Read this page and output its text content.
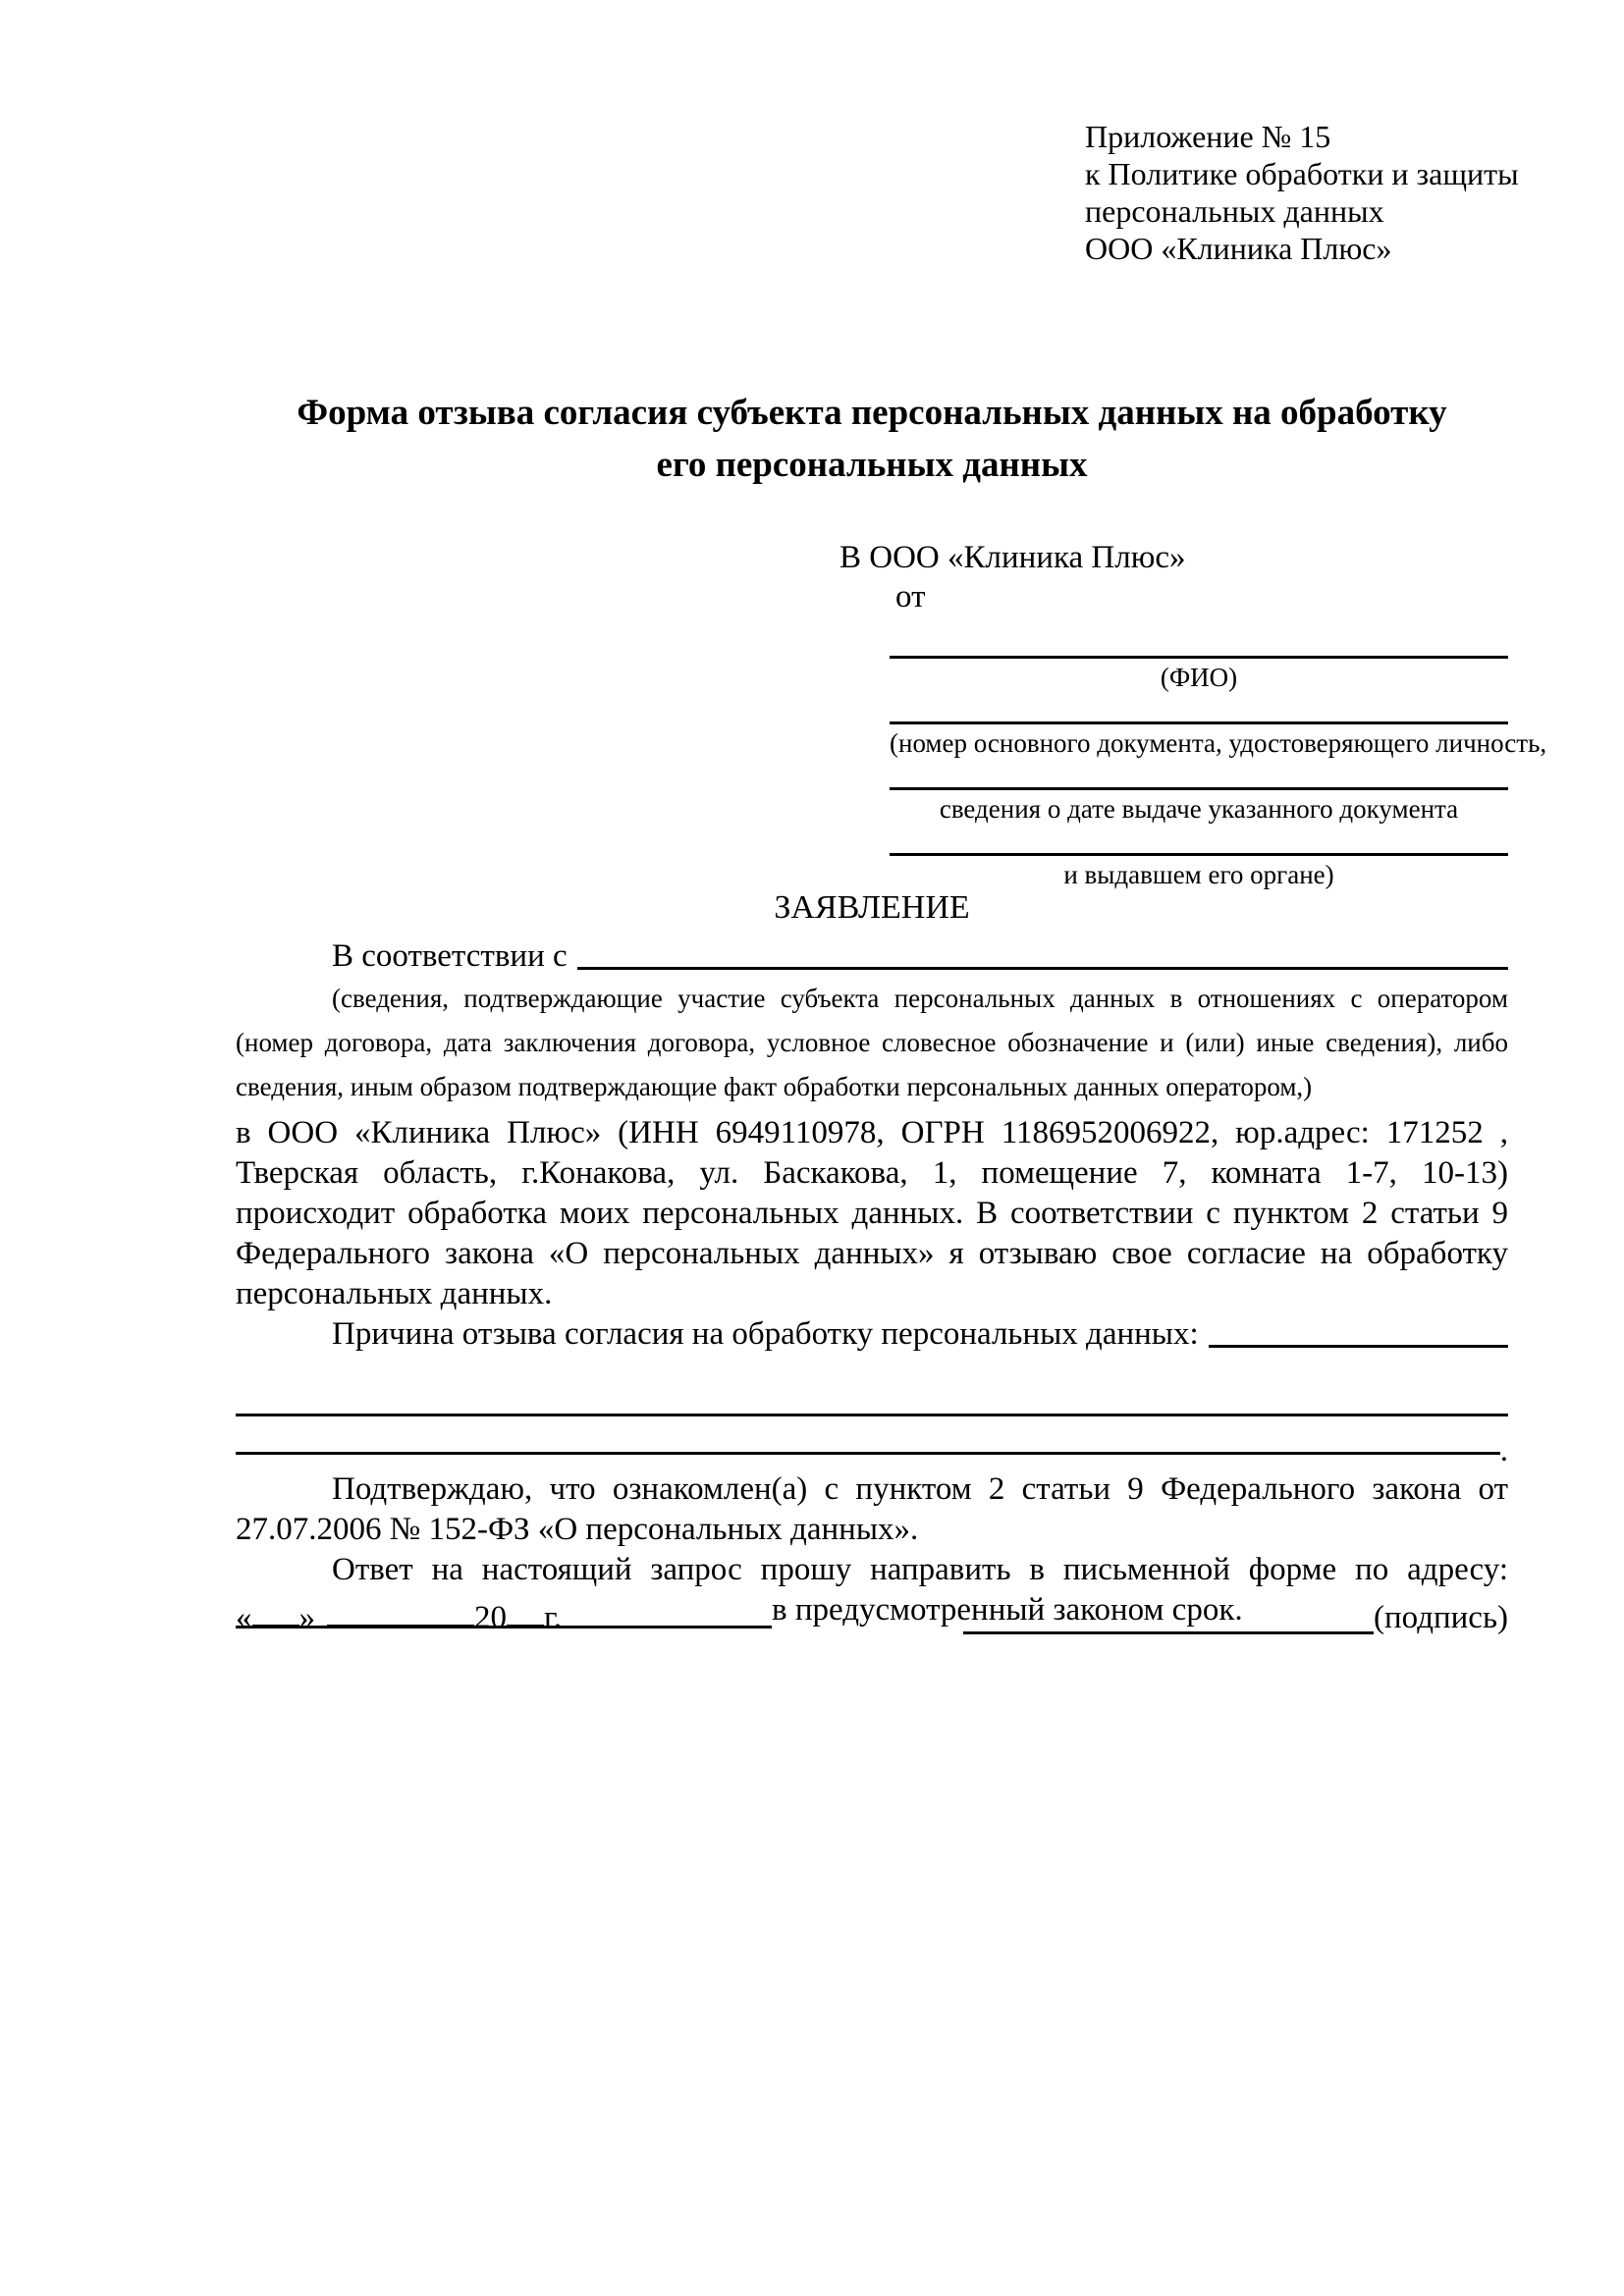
Приложение № 15
к Политике обработки и защиты
персональных данных
ООО «Клиника Плюс»
Форма отзыва согласия субъекта персональных данных на обработку
его персональных данных
В ООО «Клиника Плюс»
от
(ФИО)
(номер основного документа, удостоверяющего личность,
сведения о дате выдаче указанного документа
и выдавшем его органе)
ЗАЯВЛЕНИЕ
В соответствии с
(сведения, подтверждающие участие субъекта персональных данных в отношениях с оператором (номер договора, дата заключения договора, условное словесное обозначение и (или) иные сведения), либо сведения, иным образом подтверждающие факт обработки персональных данных оператором,)
в ООО «Клиника Плюс» (ИНН 6949110978, ОГРН 1186952006922, юр.адрес: 171252 , Тверская область, г.Конакова, ул. Баскакова, 1, помещение 7, комната 1-7, 10-13) происходит обработка моих персональных данных. В соответствии с пунктом 2 статьи 9 Федерального закона «О персональных данных» я отзываю свое согласие на обработку персональных данных.
Причина отзыва согласия на обработку персональных данных:
.
Подтверждаю, что ознакомлен(а) с пунктом 2 статьи 9 Федерального закона от 27.07.2006 № 152-ФЗ «О персональных данных».
Ответ на настоящий запрос прошу направить в письменной форме по адресу:
в предусмотренный законом срок.
« »	20 г.	(подпись)
